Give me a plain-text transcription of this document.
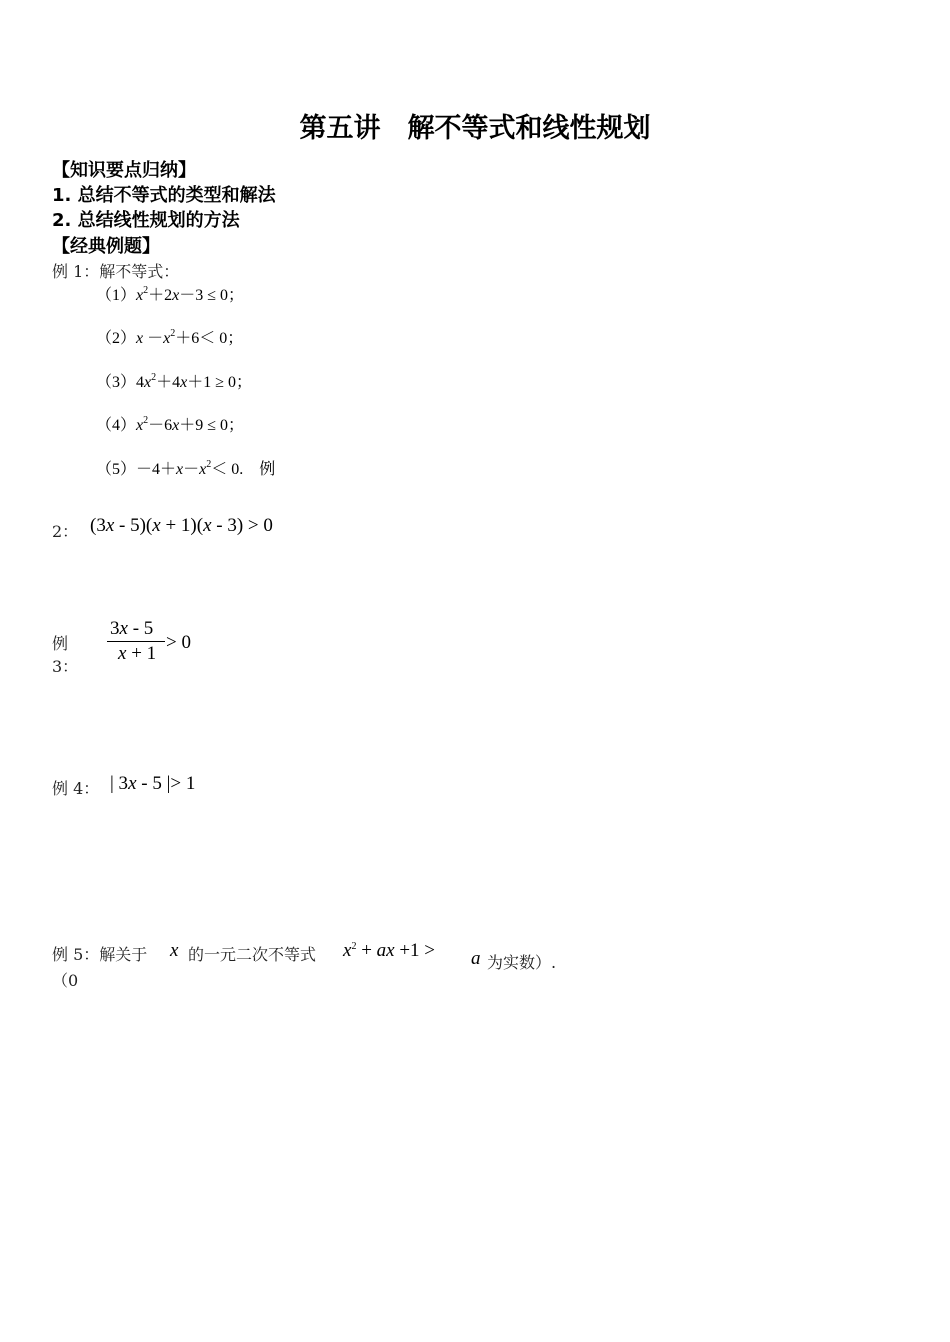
第五讲　解不等式和线性规划
【知识要点归纳】
1. 总结不等式的类型和解法
2. 总结线性规划的方法
【经典例题】
例 1：解不等式：
$(1)x^2+2x-3 \le 0$；
$(2)x -x^2+6< 0$；
$(3)4x^2+4x+1 \ge 0$；
$(4)x^2-6x+9 \le 0$；
$(5)-4+x-x^2< 0$.　例
2： (3x - 5)(x + 1)(x - 3) > 0
例
3：
3x - 5
x + 1
> 0
例 4： | 3x - 5 |> 1
例 5：解关于 x 的一元二次不等式 $x^2$ + ax +1 > a 为实数）.
（0
